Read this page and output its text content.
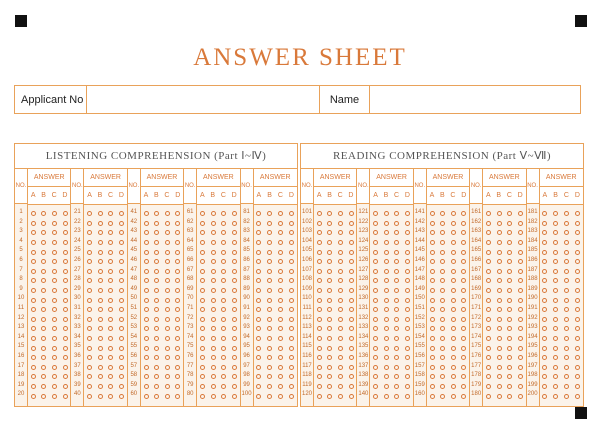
ANSWER SHEET
Applicant No	Name
LISTENING COMPREHENSION (Part Ⅰ~Ⅳ)
NO.
1
2
3
4
5
6
7
8
9
10
11
12
13
14
15
16
17
18
19
20
ANSWER
A B C D
NO.
21
22
23
24
25
26
27
28
29
30
31
32
33
34
35
36
37
38
39
40
ANSWER
A B C D
NO.
41
42
43
44
45
46
47
48
49
50
51
52
53
54
55
56
57
58
59
60
ANSWER
A B C D
NO.
61
62
63
64
65
66
67
68
69
70
71
72
73
74
75
76
77
78
79
80
ANSWER
A B C D
NO.
81
82
83
84
85
86
87
88
89
90
91
92
93
94
95
96
97
98
99
100
ANSWER
A B C D
READING COMPREHENSION (Part Ⅴ~Ⅶ)
NO.
101
102
103
104
105
106
107
108
109
110
111
112
113
114
115
116
117
118
119
120
ANSWER
A B C D
NO.
121
122
123
124
125
126
127
128
129
130
131
132
133
134
135
136
137
138
139
140
ANSWER
A B C D
NO.
141
142
143
144
145
146
147
148
149
150
151
152
153
154
155
156
157
158
159
160
ANSWER
A B C D
NO.
161
162
163
164
165
166
167
168
169
170
171
172
173
174
175
176
177
178
179
180
ANSWER
A B C D
NO.
181
182
183
184
185
186
187
188
189
190
191
192
193
194
195
196
197
198
199
200
ANSWER
A B C D
